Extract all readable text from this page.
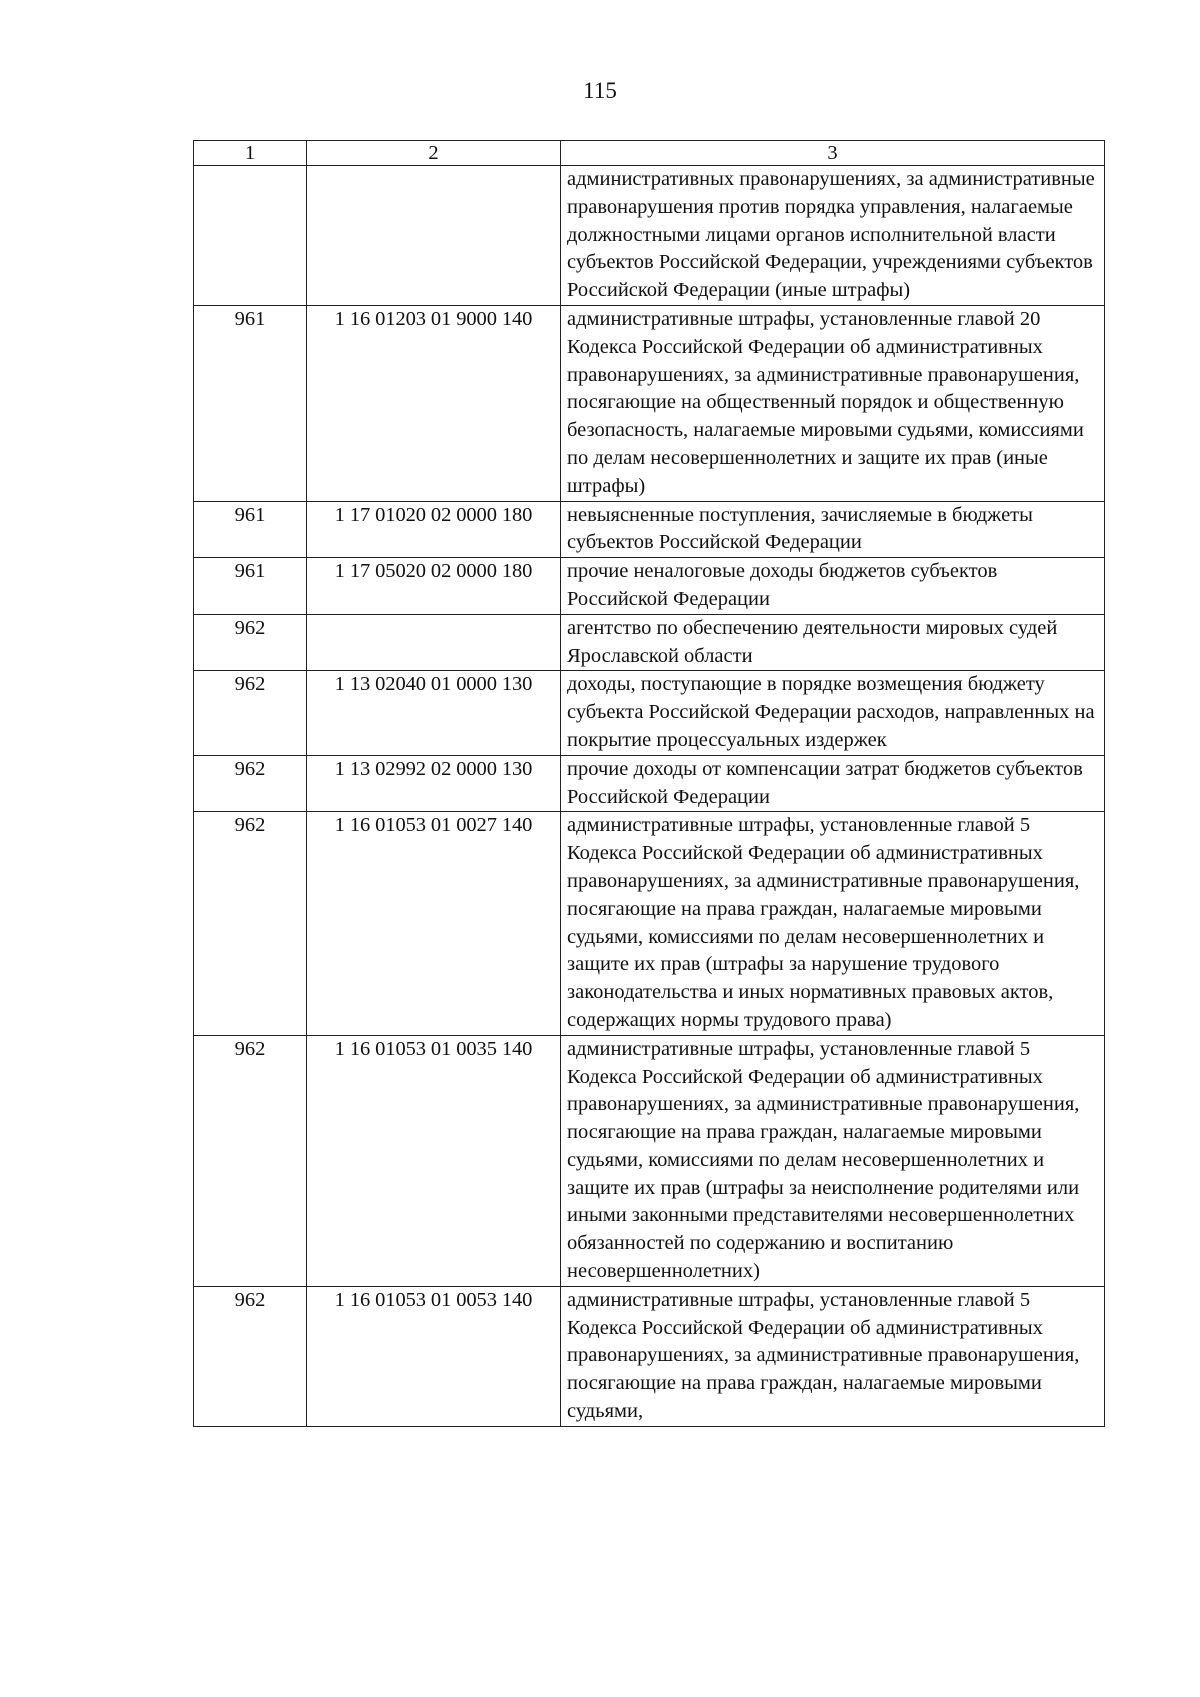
115
1	2	3
		административных правонарушениях, за административные правонарушения против порядка управления, налагаемые должностными лицами органов исполнительной власти субъектов Российской Федерации, учреждениями субъектов Российской Федерации (иные штрафы)
961	1 16 01203 01 9000 140	административные штрафы, установленные главой 20 Кодекса Российской Федерации об административных правонарушениях, за административные правонарушения, посягающие на общественный порядок и общественную безопасность, налагаемые мировыми судьями, комиссиями по делам несовершеннолетних и защите их прав (иные штрафы)
961	1 17 01020 02 0000 180	невыясненные поступления, зачисляемые в бюджеты субъектов Российской Федерации
961	1 17 05020 02 0000 180	прочие неналоговые доходы бюджетов субъектов Российской Федерации
962		агентство по обеспечению деятельности мировых судей Ярославской области
962	1 13 02040 01 0000 130	доходы, поступающие в порядке возмещения бюджету субъекта Российской Федерации расходов, направленных на покрытие процессуальных издержек
962	1 13 02992 02 0000 130	прочие доходы от компенсации затрат бюджетов субъектов Российской Федерации
962	1 16 01053 01 0027 140	административные штрафы, установленные главой 5 Кодекса Российской Федерации об административных правонарушениях, за административные правонарушения, посягающие на права граждан, налагаемые мировыми судьями, комиссиями по делам несовершеннолетних и защите их прав (штрафы за нарушение трудового законодательства и иных нормативных правовых актов, содержащих нормы трудового права)
962	1 16 01053 01 0035 140	административные штрафы, установленные главой 5 Кодекса Российской Федерации об административных правонарушениях, за административные правонарушения, посягающие на права граждан, налагаемые мировыми судьями, комиссиями по делам несовершеннолетних и защите их прав (штрафы за неисполнение родителями или иными законными представителями несовершеннолетних обязанностей по содержанию и воспитанию несовершеннолетних)
962	1 16 01053 01 0053 140	административные штрафы, установленные главой 5 Кодекса Российской Федерации об административных правонарушениях, за административные правонарушения, посягающие на права граждан, налагаемые мировыми судьями,
